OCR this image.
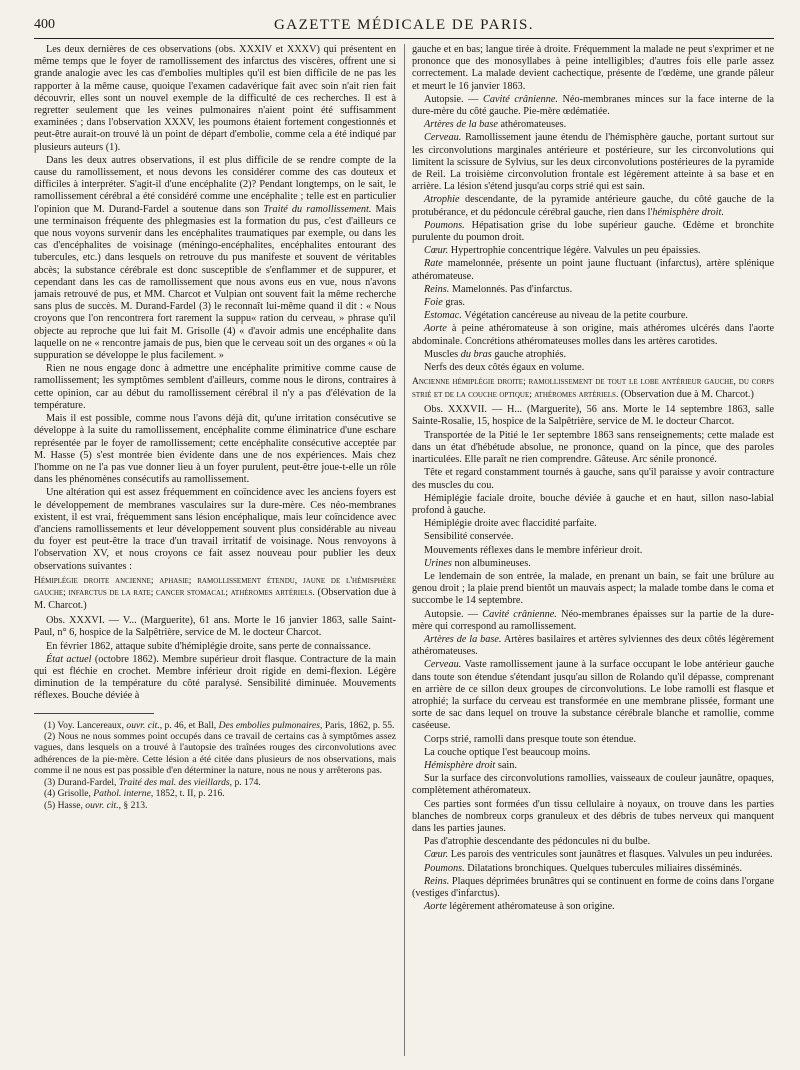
400	GAZETTE MÉDICALE DE PARIS.

Les deux dernières de ces observations (obs. XXXIV et XXXV) qui présentent en même temps que le foyer de ramollissement des infarctus des viscères, offrent une si grande analogie avec les cas d'embolies multiples qu'il est bien difficile de ne pas les rapporter à la même cause, quoique l'examen cadavérique fait avec soin n'ait rien fait découvrir, elles sont un nouvel exemple de la difficulté de ces recherches. Il est à regretter seulement que les veines pulmonaires n'aient point été suffisamment examinées ; dans l'observation XXXV, les poumons étaient fortement congestionnés et peut-être aurait-on trouvé là un point de départ d'embolie, comme cela a été indiqué par plusieurs auteurs (1).

Dans les deux autres observations, il est plus difficile de se rendre compte de la cause du ramollissement, et nous devons les considérer comme des cas douteux et difficiles à interpréter. S'agit-il d'une encéphalite (2)? Pendant longtemps, on le sait, le ramollissement cérébral a été considéré comme une encéphalite ; telle est en particulier l'opinion que M. Durand-Fardel a soutenue dans son Traité du ramollissement. Mais une terminaison fréquente des phlegmasies est la formation du pus, c'est d'ailleurs ce que nous voyons survenir dans les encéphalites traumatiques par exemple, ou dans les cas d'encéphalites de voisinage (méningo-encéphalites, encéphalites entourant des tubercules, etc.) dans lesquels on retrouve du pus manifeste et souvent de véritables abcès; la substance cérébrale est donc susceptible de s'enflammer et de suppurer, et cependant dans les cas de ramollissement que nous avons eus en vue, nous n'avons jamais retrouvé de pus, et MM. Charcot et Vulpian ont souvent fait la même recherche sans plus de succès. M. Durand-Fardel (3) le reconnaît lui-même quand il dit : « Nous croyons que l'on rencontrera fort rarement la suppu« ration du cerveau, » phrase qu'il objecte au reproche que lui fait M. Grisolle (4) « d'avoir admis une encéphalite dans laquelle on ne « rencontre jamais de pus, bien que le cerveau soit un des organes « où la suppuration se développe le plus facilement. »

Rien ne nous engage donc à admettre une encéphalite primitive comme cause de ramollissement; les symptômes semblent d'ailleurs, comme nous le dirons, contraires à cette opinion, car au début du ramollissement cérébral il n'y a pas d'élévation de la température.

Mais il est possible, comme nous l'avons déjà dit, qu'une irritation consécutive se développe à la suite du ramollissement, encéphalite comme éliminatrice d'une eschare représentée par le foyer de ramollissement; cette encéphalite consécutive acceptée par M. Hasse (5) s'est montrée bien évidente dans une de nos expériences. Mais chez l'homme on ne l'a pas vue donner lieu à un foyer purulent, peut-être joue-t-elle un rôle dans les phénomènes consécutifs au ramollissement.

Une altération qui est assez fréquemment en coïncidence avec les anciens foyers est le développement de membranes vasculaires sur la dure-mère. Ces néo-membranes existent, il est vrai, fréquemment sans lésion encéphalique, mais leur coïncidence avec d'anciens ramollissements et leur développement souvent plus considérable au niveau du foyer est peut-être la trace d'un travail irritatif de voisinage. Nous renvoyons à l'observation XV, et nous croyons ce fait assez nouveau pour publier les deux observations suivantes :

Hémiplégie droite ancienne; aphasie; ramollissement étendu, jaune de l'hémisphère gauche; infarctus de la rate; cancer stomacal; athéromes artériels. (Observation due à M. Charcot.)

Obs. XXXVI. — V... (Marguerite), 61 ans. Morte le 16 janvier 1863, salle Saint-Paul, n° 6, hospice de la Salpêtrière, service de M. le docteur Charcot.

En février 1862, attaque subite d'hémiplégie droite, sans perte de connaissance.

État actuel (octobre 1862). Membre supérieur droit flasque. Contracture de la main qui est fléchie en crochet. Membre inférieur droit rigide en demi-flexion. Légère diminution de la température du côté paralysé. Sensibilité diminuée. Mouvements réflexes. Bouche déviée à

(1) Voy. Lancereaux, ouvr. cit., p. 46, et Ball, Des embolies pulmonaires, Paris, 1862, p. 55.

(2) Nous ne nous sommes point occupés dans ce travail de certains cas à symptômes assez vagues, dans lesquels on a trouvé à l'autopsie des traînées rouges des circonvolutions avec adhérences de la pie-mère. Cette lésion a été citée dans plusieurs de nos observations, mais comme il ne nous est pas possible d'en déterminer la nature, nous ne nous y arrêterons pas.

(3) Durand-Fardel, Traité des mal. des vieillards, p. 174.

(4) Grisolle, Pathol. interne, 1852, t. II, p. 216.

(5) Hasse, ouvr. cit., § 213.

gauche et en bas; langue tirée à droite. Fréquemment la malade ne peut s'exprimer et ne prononce que des monosyllabes à peine intelligibles; d'autres fois elle parle assez correctement. La malade devient cachectique, présente de l'œdème, une grande pâleur et meurt le 16 janvier 1863.

Autopsie. — Cavité crânienne. Néo-membranes minces sur la face interne de la dure-mère du côté gauche. Pie-mère œdématiée.

Artères de la base athéromateuses.

Cerveau. Ramollissement jaune étendu de l'hémisphère gauche, portant surtout sur les circonvolutions marginales antérieure et postérieure, sur les circonvolutions qui limitent la scissure de Sylvius, sur les deux circonvolutions postérieures de la pyramide de Reil. La troisième circonvolution frontale est légèrement atteinte à sa base et en arrière. La lésion s'étend jusqu'au corps strié qui est sain.

Atrophie descendante, de la pyramide antérieure gauche, du côté gauche de la protubérance, et du pédoncule cérébral gauche, rien dans l'hémisphère droit.

Poumons. Hépatisation grise du lobe supérieur gauche. Œdème et bronchite purulente du poumon droit.

Cœur. Hypertrophie concentrique légère. Valvules un peu épaissies.

Rate mamelonnée, présente un point jaune fluctuant (infarctus), artère splénique athéromateuse.

Reins. Mamelonnés. Pas d'infarctus.

Foie gras.

Estomac. Végétation cancéreuse au niveau de la petite courbure.

Aorte à peine athéromateuse à son origine, mais athéromes ulcérés dans l'aorte abdominale. Concrétions athéromateuses molles dans les artères carotides.

Muscles du bras gauche atrophiés.

Nerfs des deux côtés égaux en volume.

Ancienne hémiplégie droite; ramollissement de tout le lobe antérieur gauche, du corps strié et de la couche optique; athéromes artériels. (Observation due à M. Charcot.)

Obs. XXXVII. — H... (Marguerite), 56 ans. Morte le 14 septembre 1863, salle Sainte-Rosalie, 15, hospice de la Salpêtrière, service de M. le docteur Charcot.

Transportée de la Pitié le 1er septembre 1863 sans renseignements; cette malade est dans un état d'hébétude absolue, ne prononce, quand on la pince, que des paroles inarticulées. Elle paraît ne rien comprendre. Gâteuse. Arc sénile prononcé.

Tête et regard constamment tournés à gauche, sans qu'il paraisse y avoir contracture des muscles du cou.

Hémiplégie faciale droite, bouche déviée à gauche et en haut, sillon naso-labial profond à gauche.

Hémiplégie droite avec flaccidité parfaite.

Sensibilité conservée.

Mouvements réflexes dans le membre inférieur droit.

Urines non albumineuses.

Le lendemain de son entrée, la malade, en prenant un bain, se fait une brûlure au genou droit ; la plaie prend bientôt un mauvais aspect; la malade tombe dans le coma et succombe le 14 septembre.

Autopsie. — Cavité crânienne. Néo-membranes épaisses sur la partie de la dure-mère qui correspond au ramollissement.

Artères de la base. Artères basilaires et artères sylviennes des deux côtés légèrement athéromateuses.

Cerveau. Vaste ramollissement jaune à la surface occupant le lobe antérieur gauche dans toute son étendue s'étendant jusqu'au sillon de Rolando qu'il dépasse, comprenant en arrière de ce sillon deux groupes de circonvolutions. Le lobe ramolli est flasque et atrophié; la surface du cerveau est transformée en une membrane plissée, formant une sorte de sac dans lequel on trouve la substance cérébrale blanche et ramollie, comme caséeuse.

Corps strié, ramolli dans presque toute son étendue.

La couche optique l'est beaucoup moins.

Hémisphère droit sain.

Sur la surface des circonvolutions ramollies, vaisseaux de couleur jaunâtre, opaques, complètement athéromateux.

Ces parties sont formées d'un tissu cellulaire à noyaux, on trouve dans les parties blanches de nombreux corps granuleux et des débris de tubes nerveux qui manquent dans les parties jaunes.

Pas d'atrophie descendante des pédoncules ni du bulbe.

Cœur. Les parois des ventricules sont jaunâtres et flasques. Valvules un peu indurées.

Poumons. Dilatations bronchiques. Quelques tubercules miliaires disséminés.

Reins. Plaques déprimées brunâtres qui se continuent en forme de coins dans l'organe (vestiges d'infarctus).

Aorte légèrement athéromateuse à son origine.
